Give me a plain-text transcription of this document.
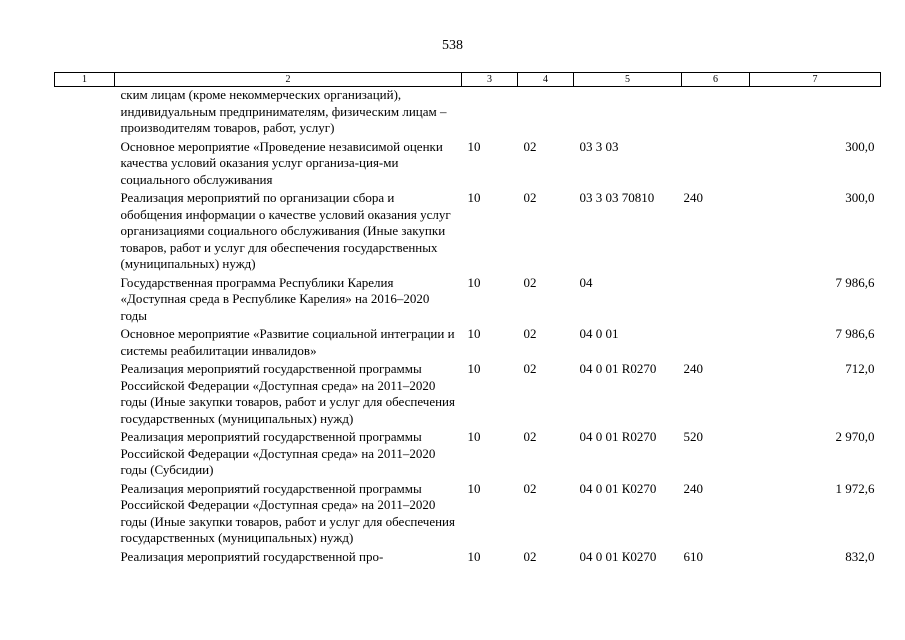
538
1	2	3	4	5	6	7
ским лицам (кроме некоммерческих организаций), индивидуальным предпринимателям, физическим лицам – производителям товаров, работ, услуг)						
Основное мероприятие «Проведение независимой оценки качества условий оказания услуг организа-ция-ми социального обслуживания		10	02	03 3 03		300,0
Реализация мероприятий по организации сбора и обобщения информации о качестве условий оказания услуг организациями социального обслуживания (Иные закупки товаров, работ и услуг для обеспечения государственных (муниципальных) нужд)		10	02	03 3 03 70810	240	300,0
Государственная программа Республики Карелия «Доступная среда в Республике Карелия» на 2016–2020 годы		10	02	04		7 986,6
Основное мероприятие «Развитие социальной интеграции и системы реабилитации инвалидов»		10	02	04 0 01		7 986,6
Реализация мероприятий государственной программы Российской Федерации «Доступная среда» на 2011–2020 годы (Иные закупки товаров, работ и услуг для обеспечения государственных (муниципальных) нужд)		10	02	04 0 01 R0270	240	712,0
Реализация мероприятий государственной программы Российской Федерации «Доступная среда» на 2011–2020 годы (Субсидии)		10	02	04 0 01 R0270	520	2 970,0
Реализация мероприятий государственной программы Российской Федерации «Доступная среда» на 2011–2020 годы (Иные закупки товаров, работ и услуг для обеспечения государственных (муниципальных) нужд)		10	02	04 0 01 К0270	240	1 972,6
Реализация мероприятий государственной про-		10	02	04 0 01 К0270	610	832,0
